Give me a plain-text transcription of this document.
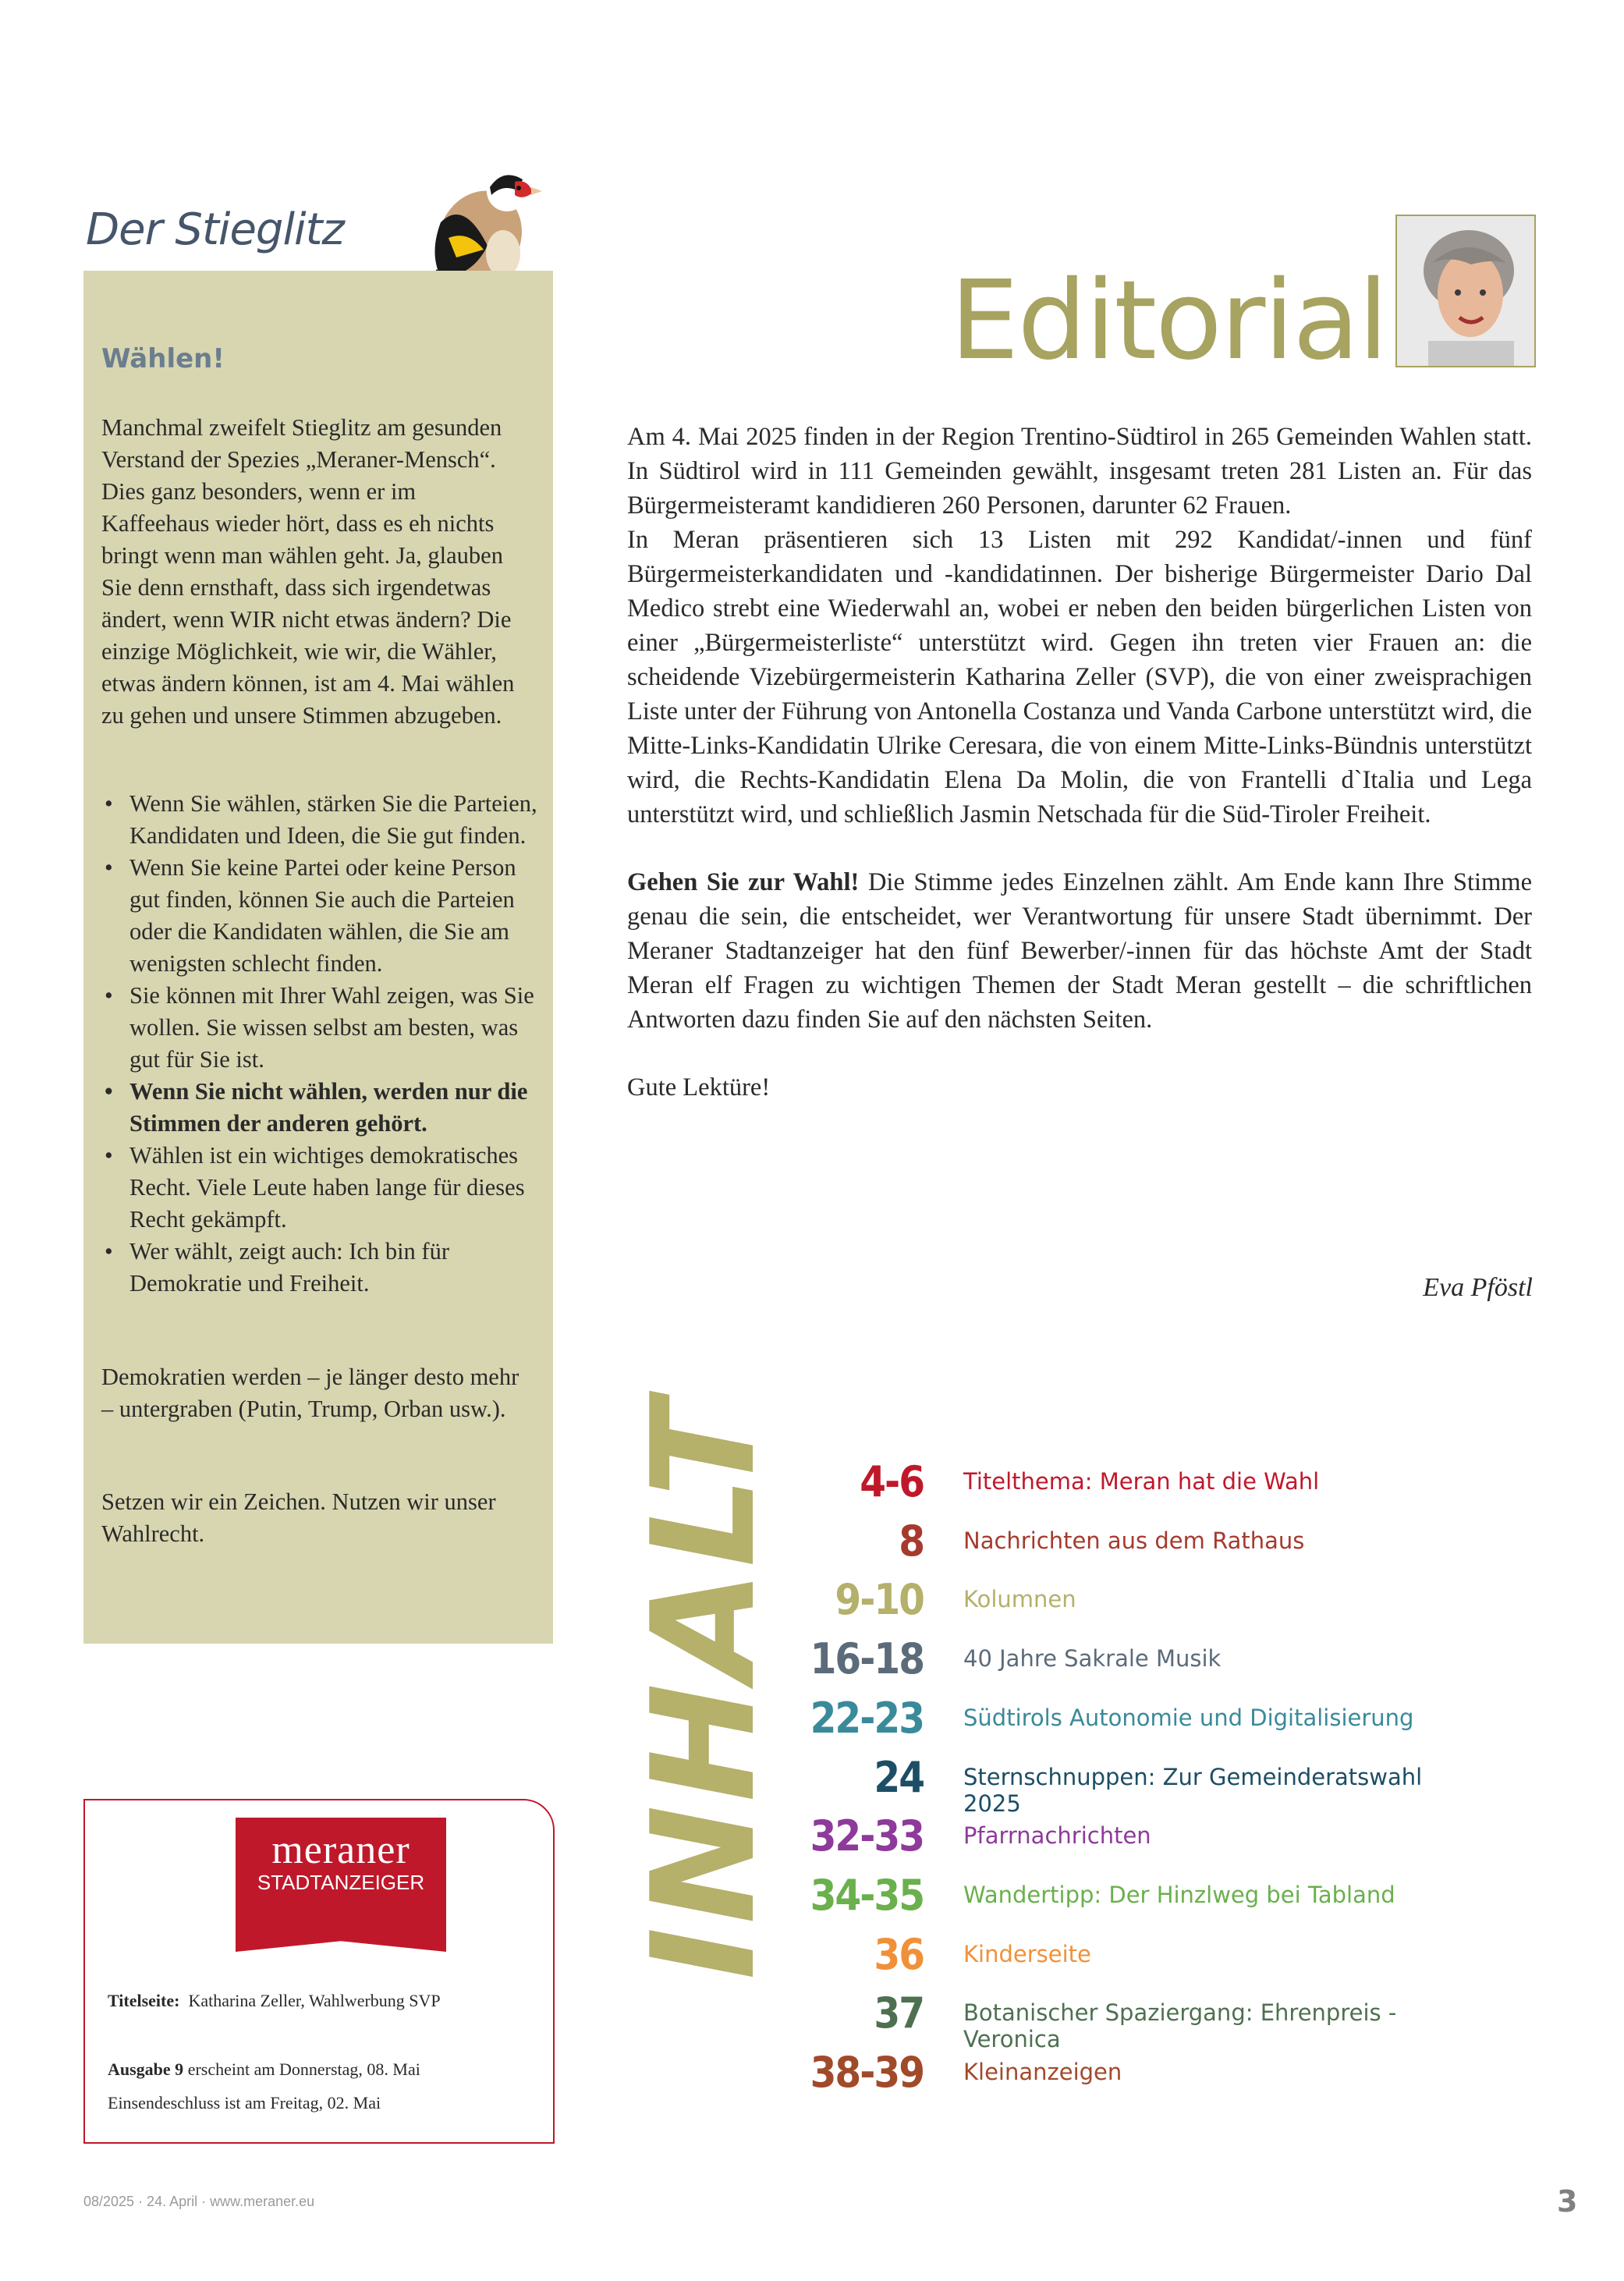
Der Stieglitz
Wählen!
Manchmal zweifelt Stieglitz am gesunden Verstand der Spezies „Meraner-Mensch“. Dies ganz besonders, wenn er im Kaffeehaus wieder hört, dass es eh nichts bringt wenn man wählen geht. Ja, glauben Sie denn ernsthaft, dass sich irgendetwas ändert, wenn WIR nicht etwas ändern? Die einzige Möglichkeit, wie wir, die Wähler, etwas ändern können, ist am 4. Mai wählen zu gehen und unsere Stimmen abzugeben.
• Wenn Sie wählen, stärken Sie die Parteien, Kandidaten und Ideen, die Sie gut finden.
• Wenn Sie keine Partei oder keine Person gut finden, können Sie auch die Parteien oder die Kandidaten wählen, die Sie am wenigsten schlecht finden.
• Sie können mit Ihrer Wahl zeigen, was Sie wollen. Sie wissen selbst am besten, was gut für Sie ist.
• Wenn Sie nicht wählen, werden nur die Stimmen der anderen gehört.
• Wählen ist ein wichtiges demokratisches Recht. Viele Leute haben lange für dieses Recht gekämpft.
• Wer wählt, zeigt auch: Ich bin für Demokratie und Freiheit.
Demokratien werden – je länger desto mehr – untergraben (Putin, Trump, Orban usw.).
Setzen wir ein Zeichen. Nutzen wir unser Wahlrecht.
Editorial

Am 4. Mai 2025 finden in der Region Trentino-Südtirol in 265 Gemeinden Wahlen statt. In Südtirol wird in 111 Gemeinden gewählt, insgesamt treten 281 Listen an. Für das Bürgermeisteramt kandidieren 260 Personen, darunter 62 Frauen.
In Meran präsentieren sich 13 Listen mit 292 Kandidat/-innen und fünf Bürgermeisterkandidaten und -kandidatinnen. Der bisherige Bürgermeister Dario Dal Medico strebt eine Wiederwahl an, wobei er neben den beiden bürgerlichen Listen von einer „Bürgermeisterliste“ unterstützt wird. Gegen ihn treten vier Frauen an: die scheidende Vizebürgermeisterin Katharina Zeller (SVP), die von einer zweisprachigen Liste unter der Führung von Antonella Costanza und Vanda Carbone unterstützt wird, die Mitte-Links-Kandidatin Ulrike Ceresara, die von einem Mitte-Links-Bündnis unterstützt wird, die Rechts-Kandidatin Elena Da Molin, die von Frantelli d`Italia und Lega unterstützt wird, und schließlich Jasmin Netschada für die Süd-Tiroler Freiheit.

Gehen Sie zur Wahl! Die Stimme jedes Einzelnen zählt. Am Ende kann Ihre Stimme genau die sein, die entscheidet, wer Verantwortung für unsere Stadt übernimmt. Der Meraner Stadtanzeiger hat den fünf Bewerber/-innen für das höchste Amt der Stadt Meran elf Fragen zu wichtigen Themen der Stadt Meran gestellt – die schriftlichen Antworten dazu finden Sie auf den nächsten Seiten.

Gute Lektüre!

Eva Pföstl
INHALT 4-6 Titelthema: Meran hat die Wahl
8 Nachrichten aus dem Rathaus
9-10 Kolumnen
16-18 40 Jahre Sakrale Musik
22-23 Südtirols Autonomie und Digitalisierung
24 Sternschnuppen: Zur Gemeinderatswahl 2025
32-33 Pfarrnachrichten
34-35 Wandertipp: Der Hinzlweg bei Tabland
36 Kinderseite
37 Botanischer Spaziergang: Ehrenpreis - Veronica
38-39 Kleinanzeigen
meraner
STADTANZEIGER
Titelseite: Katharina Zeller, Wahlwerbung SVP
Ausgabe 9 erscheint am Donnerstag, 08. Mai
Einsendeschluss ist am Freitag, 02. Mai
08/2025 · 24. April · www.meraner.eu	3
